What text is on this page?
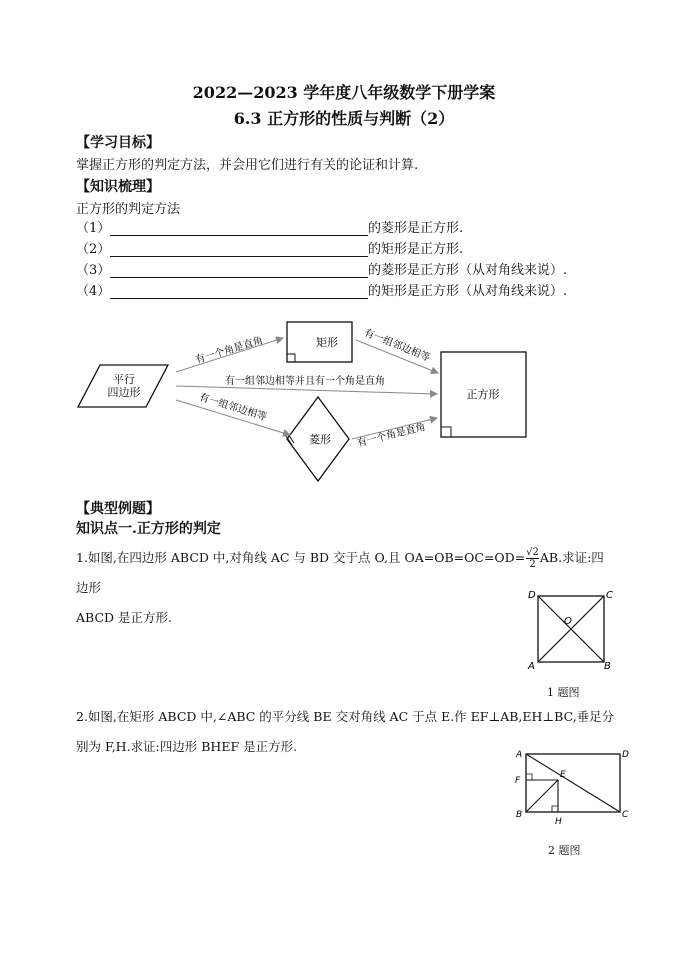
2022—2023 学年度八年级数学下册学案
6.3 正方形的性质与判断（2）
【学习目标】
掌握正方形的判定方法，并会用它们进行有关的论证和计算.
【知识梳理】
正方形的判定方法
（1）	的菱形是正方形.
（2）	的矩形是正方形.
（3）	的菱形是正方形（从对角线来说）.
（4）	的矩形是正方形（从对角线来说）.
平行
四边形
矩形
菱形
正方形
有一个角是直角	有一组邻边相等
有一组邻边相等并且有一个角是直角
有一组邻边相等
有一个角是直角
【典型例题】
知识点一.正方形的判定
1.如图,在四边形 ABCD 中,对角线 AC 与 BD 交于点 O,且 $OA=OB=OC=OD= \frac{√2}{2}$ AB.求证:四边形
ABCD 是正方形.
D	C
A	B
O
1 题图
2.如图,在矩形 ABCD 中,∠ABC 的平分线 BE 交对角线 AC 于点 E.作 EF⊥AB,EH⊥BC,垂足分
别为 F,H.求证:四边形 BHEF 是正方形.
A	D
B	C
F
E
H
2 题图
